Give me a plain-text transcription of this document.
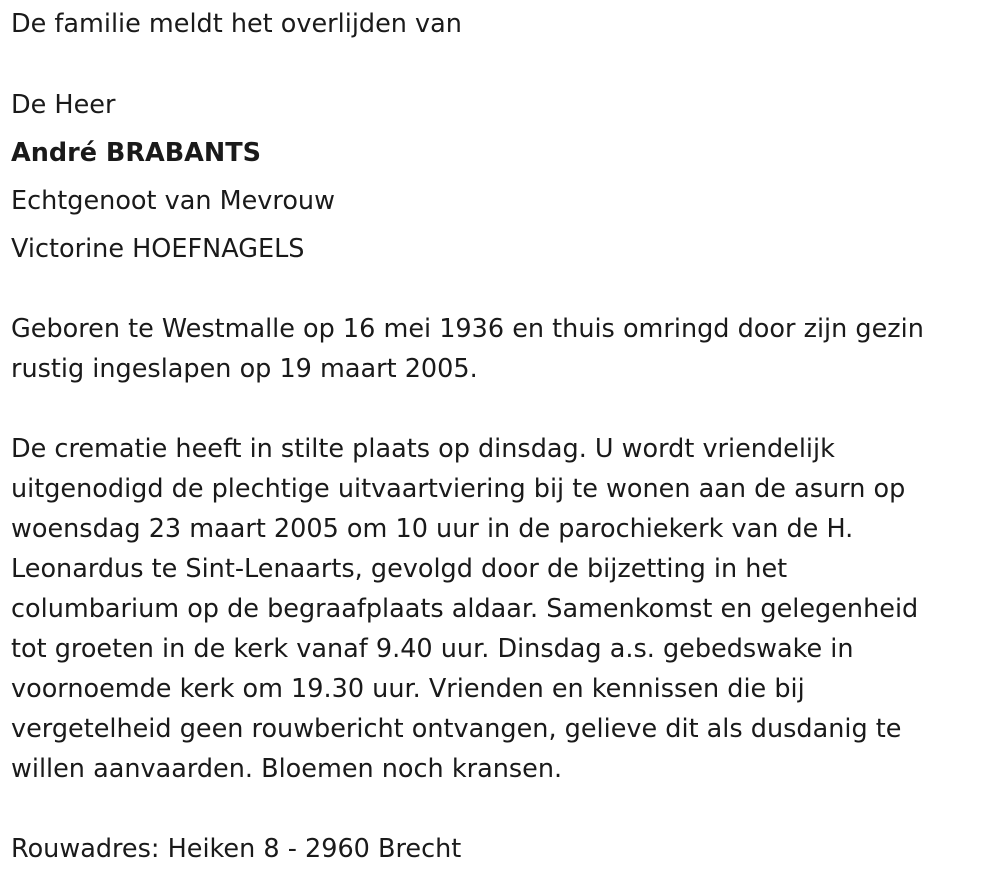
De familie meldt het overlijden van
De Heer
André BRABANTS
Echtgenoot van Mevrouw
Victorine HOEFNAGELS
Geboren te Westmalle op 16 mei 1936 en thuis omringd door zijn gezin
rustig ingeslapen op 19 maart 2005.
De crematie heeft in stilte plaats op dinsdag. U wordt vriendelijk
uitgenodigd de plechtige uitvaartviering bij te wonen aan de asurn op
woensdag 23 maart 2005 om 10 uur in de parochiekerk van de H.
Leonardus te Sint-Lenaarts, gevolgd door de bijzetting in het
columbarium op de begraafplaats aldaar. Samenkomst en gelegenheid
tot groeten in de kerk vanaf 9.40 uur. Dinsdag a.s. gebedswake in
voornoemde kerk om 19.30 uur. Vrienden en kennissen die bij
vergetelheid geen rouwbericht ontvangen, gelieve dit als dusdanig te
willen aanvaarden. Bloemen noch kransen.
Rouwadres: Heiken 8 - 2960 Brecht
